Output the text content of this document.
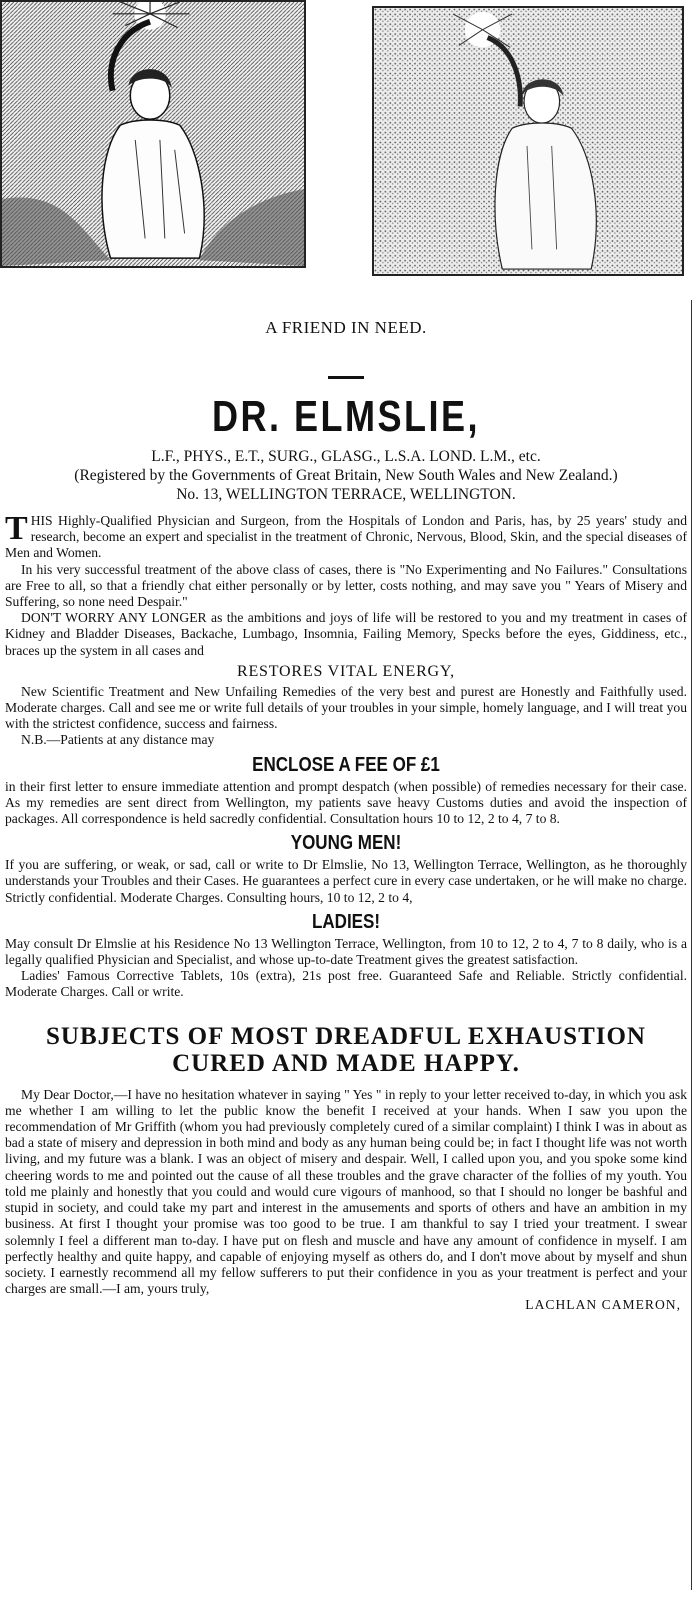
A FRIEND IN NEED.

DR. ELMSLIE,

L.F., PHYS., E.T., SURG., GLASG., L.S.A. LOND. L.M., etc.

(Registered by the Governments of Great Britain, New South Wales and New Zealand.)

No. 13, WELLINGTON TERRACE, WELLINGTON.

THIS Highly-Qualified Physician and Surgeon, from the Hospitals of London and Paris, has, by 25 years' study and research, become an expert and specialist in the treatment of Chronic, Nervous, Blood, Skin, and the special diseases of Men and Women.

In his very successful treatment of the above class of cases, there is "No Experimenting and No Failures." Consultations are Free to all, so that a friendly chat either personally or by letter, costs nothing, and may save you " Years of Misery and Suffering, so none need Despair."

DON'T WORRY ANY LONGER as the ambitions and joys of life will be restored to you and my treatment in cases of Kidney and Bladder Diseases, Backache, Lumbago, Insomnia, Failing Memory, Specks before the eyes, Giddiness, etc., braces up the system in all cases and

RESTORES VITAL ENERGY,

New Scientific Treatment and New Unfailing Remedies of the very best and purest are Honestly and Faithfully used. Moderate charges. Call and see me or write full details of your troubles in your simple, homely language, and I will treat you with the strictest confidence, success and fairness.

N.B.—Patients at any distance may

ENCLOSE A FEE OF £1

in their first letter to ensure immediate attention and prompt despatch (when possible) of remedies necessary for their case. As my remedies are sent direct from Wellington, my patients save heavy Customs duties and avoid the inspection of packages. All correspondence is held sacredly confidential. Consultation hours 10 to 12, 2 to 4, 7 to 8.

YOUNG MEN!

If you are suffering, or weak, or sad, call or write to Dr Elmslie, No 13, Wellington Terrace, Wellington, as he thoroughly understands your Troubles and their Cases. He guarantees a perfect cure in every case undertaken, or he will make no charge. Strictly confidential. Moderate Charges. Consulting hours, 10 to 12, 2 to 4,

LADIES!

May consult Dr Elmslie at his Residence No 13 Wellington Terrace, Wellington, from 10 to 12, 2 to 4, 7 to 8 daily, who is a legally qualified Physician and Specialist, and whose up-to-date Treatment gives the greatest satisfaction.

Ladies' Famous Corrective Tablets, 10s (extra), 21s post free. Guaranteed Safe and Reliable. Strictly confidential. Moderate Charges. Call or write.

SUBJECTS OF MOST DREADFUL EXHAUSTION
CURED AND MADE HAPPY.

My Dear Doctor,—I have no hesitation whatever in saying " Yes " in reply to your letter received to-day, in which you ask me whether I am willing to let the public know the benefit I received at your hands. When I saw you upon the recommendation of Mr Griffith (whom you had previously completely cured of a similar complaint) I think I was in about as bad a state of misery and depression in both mind and body as any human being could be; in fact I thought life was not worth living, and my future was a blank. I was an object of misery and despair. Well, I called upon you, and you spoke some kind cheering words to me and pointed out the cause of all these troubles and the grave character of the follies of my youth. You told me plainly and honestly that you could and would cure vigours of manhood, so that I should no longer be bashful and stupid in society, and could take my part and interest in the amusements and sports of others and have an ambition in my business. At first I thought your promise was too good to be true. I am thankful to say I tried your treatment. I swear solemnly I feel a different man to-day. I have put on flesh and muscle and have any amount of confidence in myself. I am perfectly healthy and quite happy, and capable of enjoying myself as others do, and I don't move about by myself and shun society. I earnestly recommend all my fellow sufferers to put their confidence in you as your treatment is perfect and your charges are small.—I am, yours truly,

LACHLAN CAMERON,
